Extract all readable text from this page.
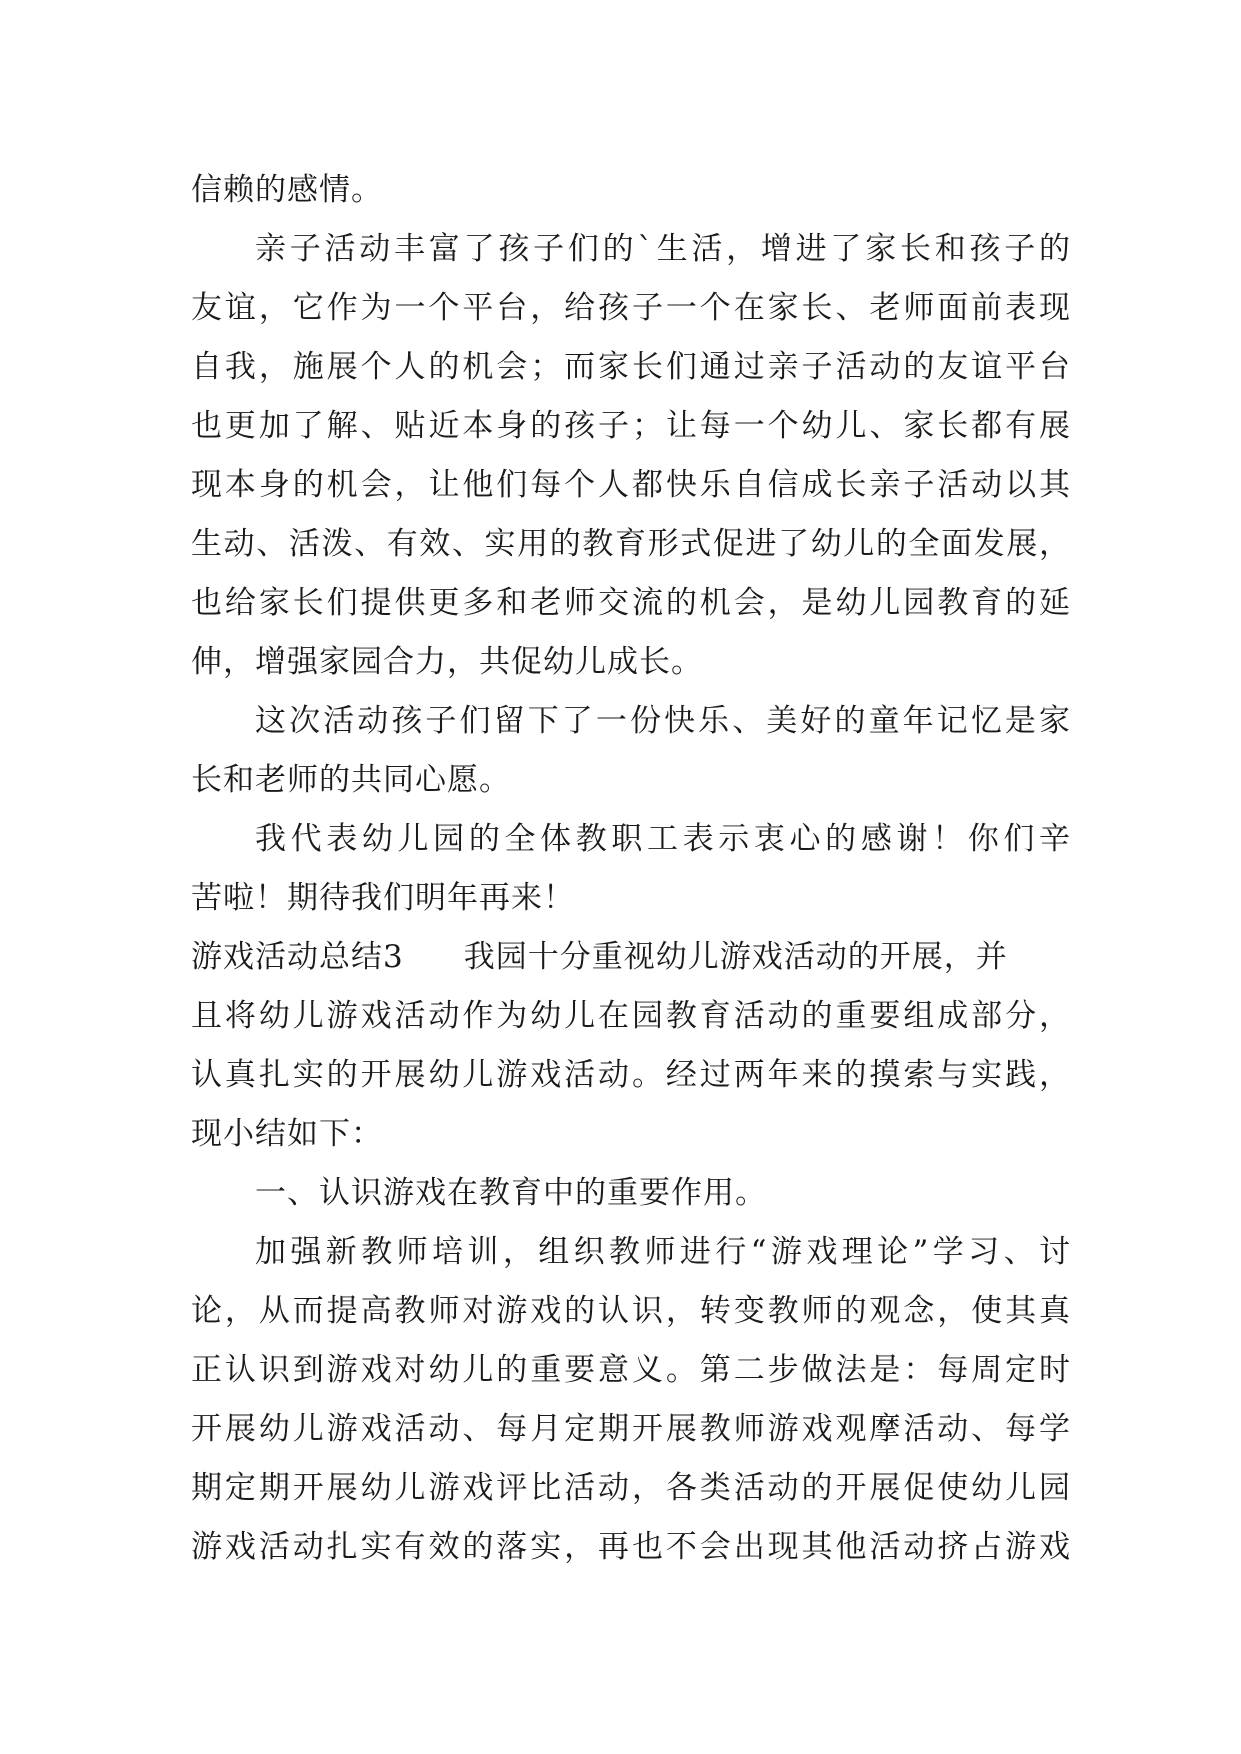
信赖的感情。
亲子活动丰富了孩子们的`生活，增进了家长和孩子的
友谊，它作为一个平台，给孩子一个在家长、老师面前表现
自我，施展个人的机会；而家长们通过亲子活动的友谊平台
也更加了解、贴近本身的孩子；让每一个幼儿、家长都有展
现本身的机会，让他们每个人都快乐自信成长亲子活动以其
生动、活泼、有效、实用的教育形式促进了幼儿的全面发展，
也给家长们提供更多和老师交流的机会，是幼儿园教育的延
伸，增强家园合力，共促幼儿成长。
这次活动孩子们留下了一份快乐、美好的童年记忆是家
长和老师的共同心愿。
我代表幼儿园的全体教职工表示衷心的感谢！你们辛
苦啦！期待我们明年再来！
游戏活动总结3 我园十分重视幼儿游戏活动的开展，并
且将幼儿游戏活动作为幼儿在园教育活动的重要组成部分，
认真扎实的开展幼儿游戏活动。经过两年来的摸索与实践，
现小结如下：
一、认识游戏在教育中的重要作用。
加强新教师培训，组织教师进行“游戏理论”学习、讨
论，从而提高教师对游戏的认识，转变教师的观念，使其真
正认识到游戏对幼儿的重要意义。第二步做法是：每周定时
开展幼儿游戏活动、每月定期开展教师游戏观摩活动、每学
期定期开展幼儿游戏评比活动，各类活动的开展促使幼儿园
游戏活动扎实有效的落实，再也不会出现其他活动挤占游戏
